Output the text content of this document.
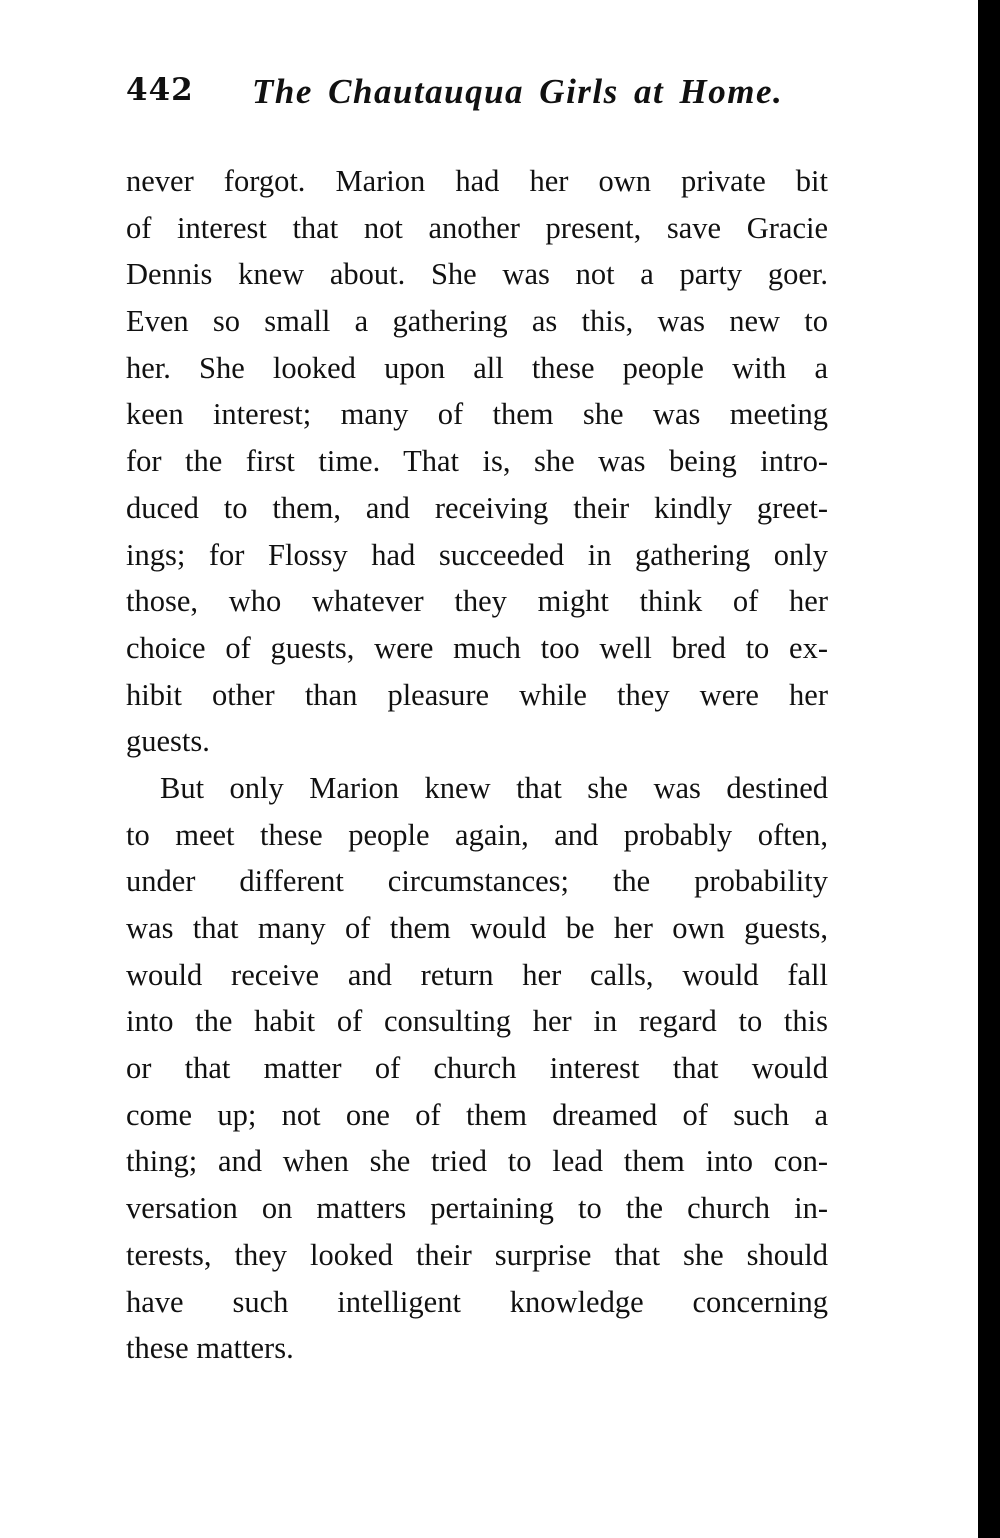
442 The Chautauqua Girls at Home.
never forgot. Marion had her own private bit
of interest that not another present, save Gracie
Dennis knew about. She was not a party goer.
Even so small a gathering as this, was new to
her. She looked upon all these people with a
keen interest; many of them she was meeting
for the first time. That is, she was being intro-
duced to them, and receiving their kindly greet-
ings; for Flossy had succeeded in gathering only
those, who whatever they might think of her
choice of guests, were much too well bred to ex-
hibit other than pleasure while they were her
guests.
But only Marion knew that she was destined
to meet these people again, and probably often,
under different circumstances; the probability
was that many of them would be her own guests,
would receive and return her calls, would fall
into the habit of consulting her in regard to this
or that matter of church interest that would
come up; not one of them dreamed of such a
thing; and when she tried to lead them into con-
versation on matters pertaining to the church in-
terests, they looked their surprise that she should
have such intelligent knowledge concerning
these matters.
